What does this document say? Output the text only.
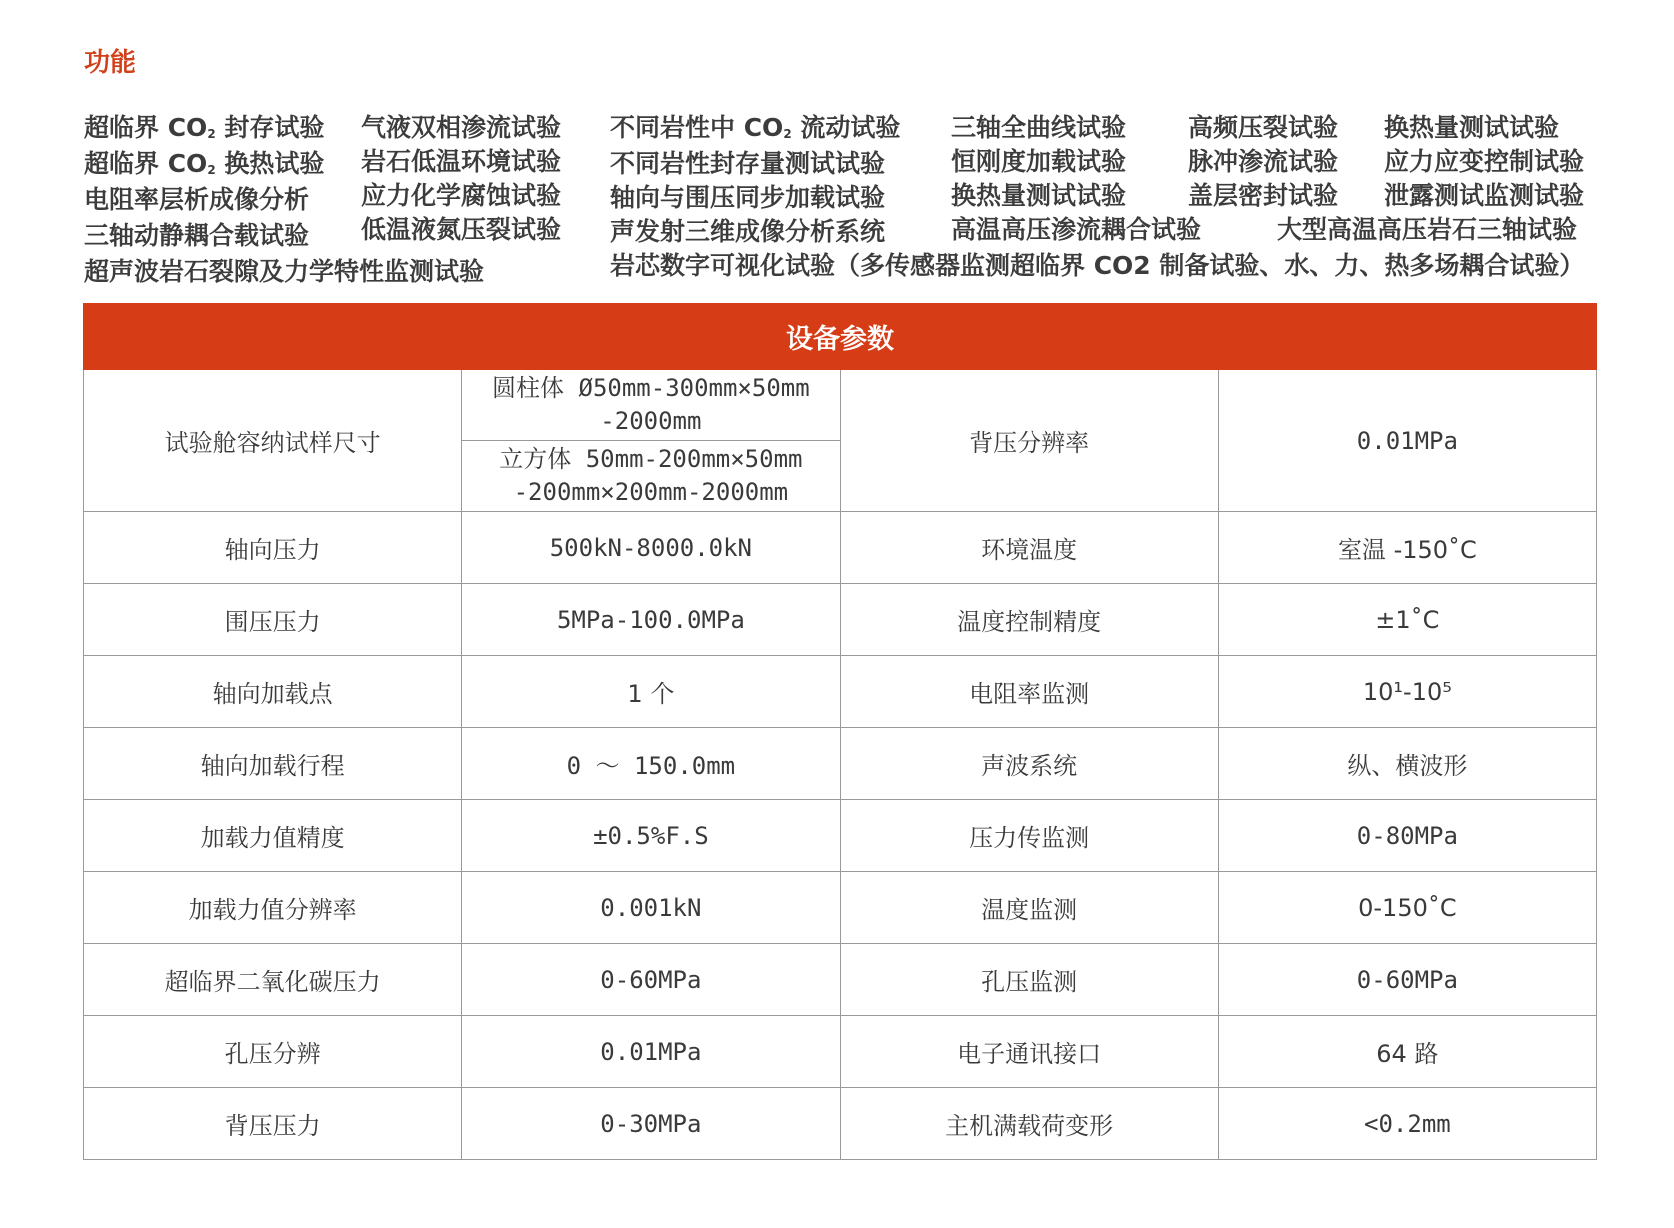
功能
超临界 $CO_2$ 封存试验
超临界 $CO_2$ 换热试验
电阻率层析成像分析
三轴动静耦合载试验
超声波岩石裂隙及力学特性监测试验
气液双相渗流试验
岩石低温环境试验
应力化学腐蚀试验
低温液氮压裂试验
不同岩性中 $CO_2$ 流动试验
不同岩性封存量测试试验
轴向与围压同步加载试验
声发射三维成像分析系统
岩芯数字可视化试验（多传感器监测超临界 CO2 制备试验、水、力、热多场耦合试验）
三轴全曲线试验
恒刚度加载试验
换热量测试试验
高温高压渗流耦合试验
高频压裂试验
脉冲渗流试验
盖层密封试验
大型高温高压岩石三轴试验
换热量测试试验
应力应变控制试验
泄露测试监测试验
设备参数			
试验舱容纳试样尺寸	圆柱体 Ø50mm-300mm×50mm -2000mm	背压分辨率	0.01MPa
	立方体 50mm-200mm×50mm -200mm×200mm-2000mm		
轴向压力	500kN-8000.0kN	环境温度	室温 -150˚C
围压压力	5MPa-100.0MPa	温度控制精度	±1˚C
轴向加载点	1 个	电阻率监测	10¹-10⁵
轴向加载行程	0 ～ 150.0mm	声波系统	纵、横波形
加载力值精度	±0.5%F.S	压力传监测	0-80MPa
加载力值分辨率	0.001kN	温度监测	0-150˚C
超临界二氧化碳压力	0-60MPa	孔压监测	0-60MPa
孔压分辨	0.01MPa	电子通讯接口	64 路
背压压力	0-30MPa	主机满载荷变形	<0.2mm
